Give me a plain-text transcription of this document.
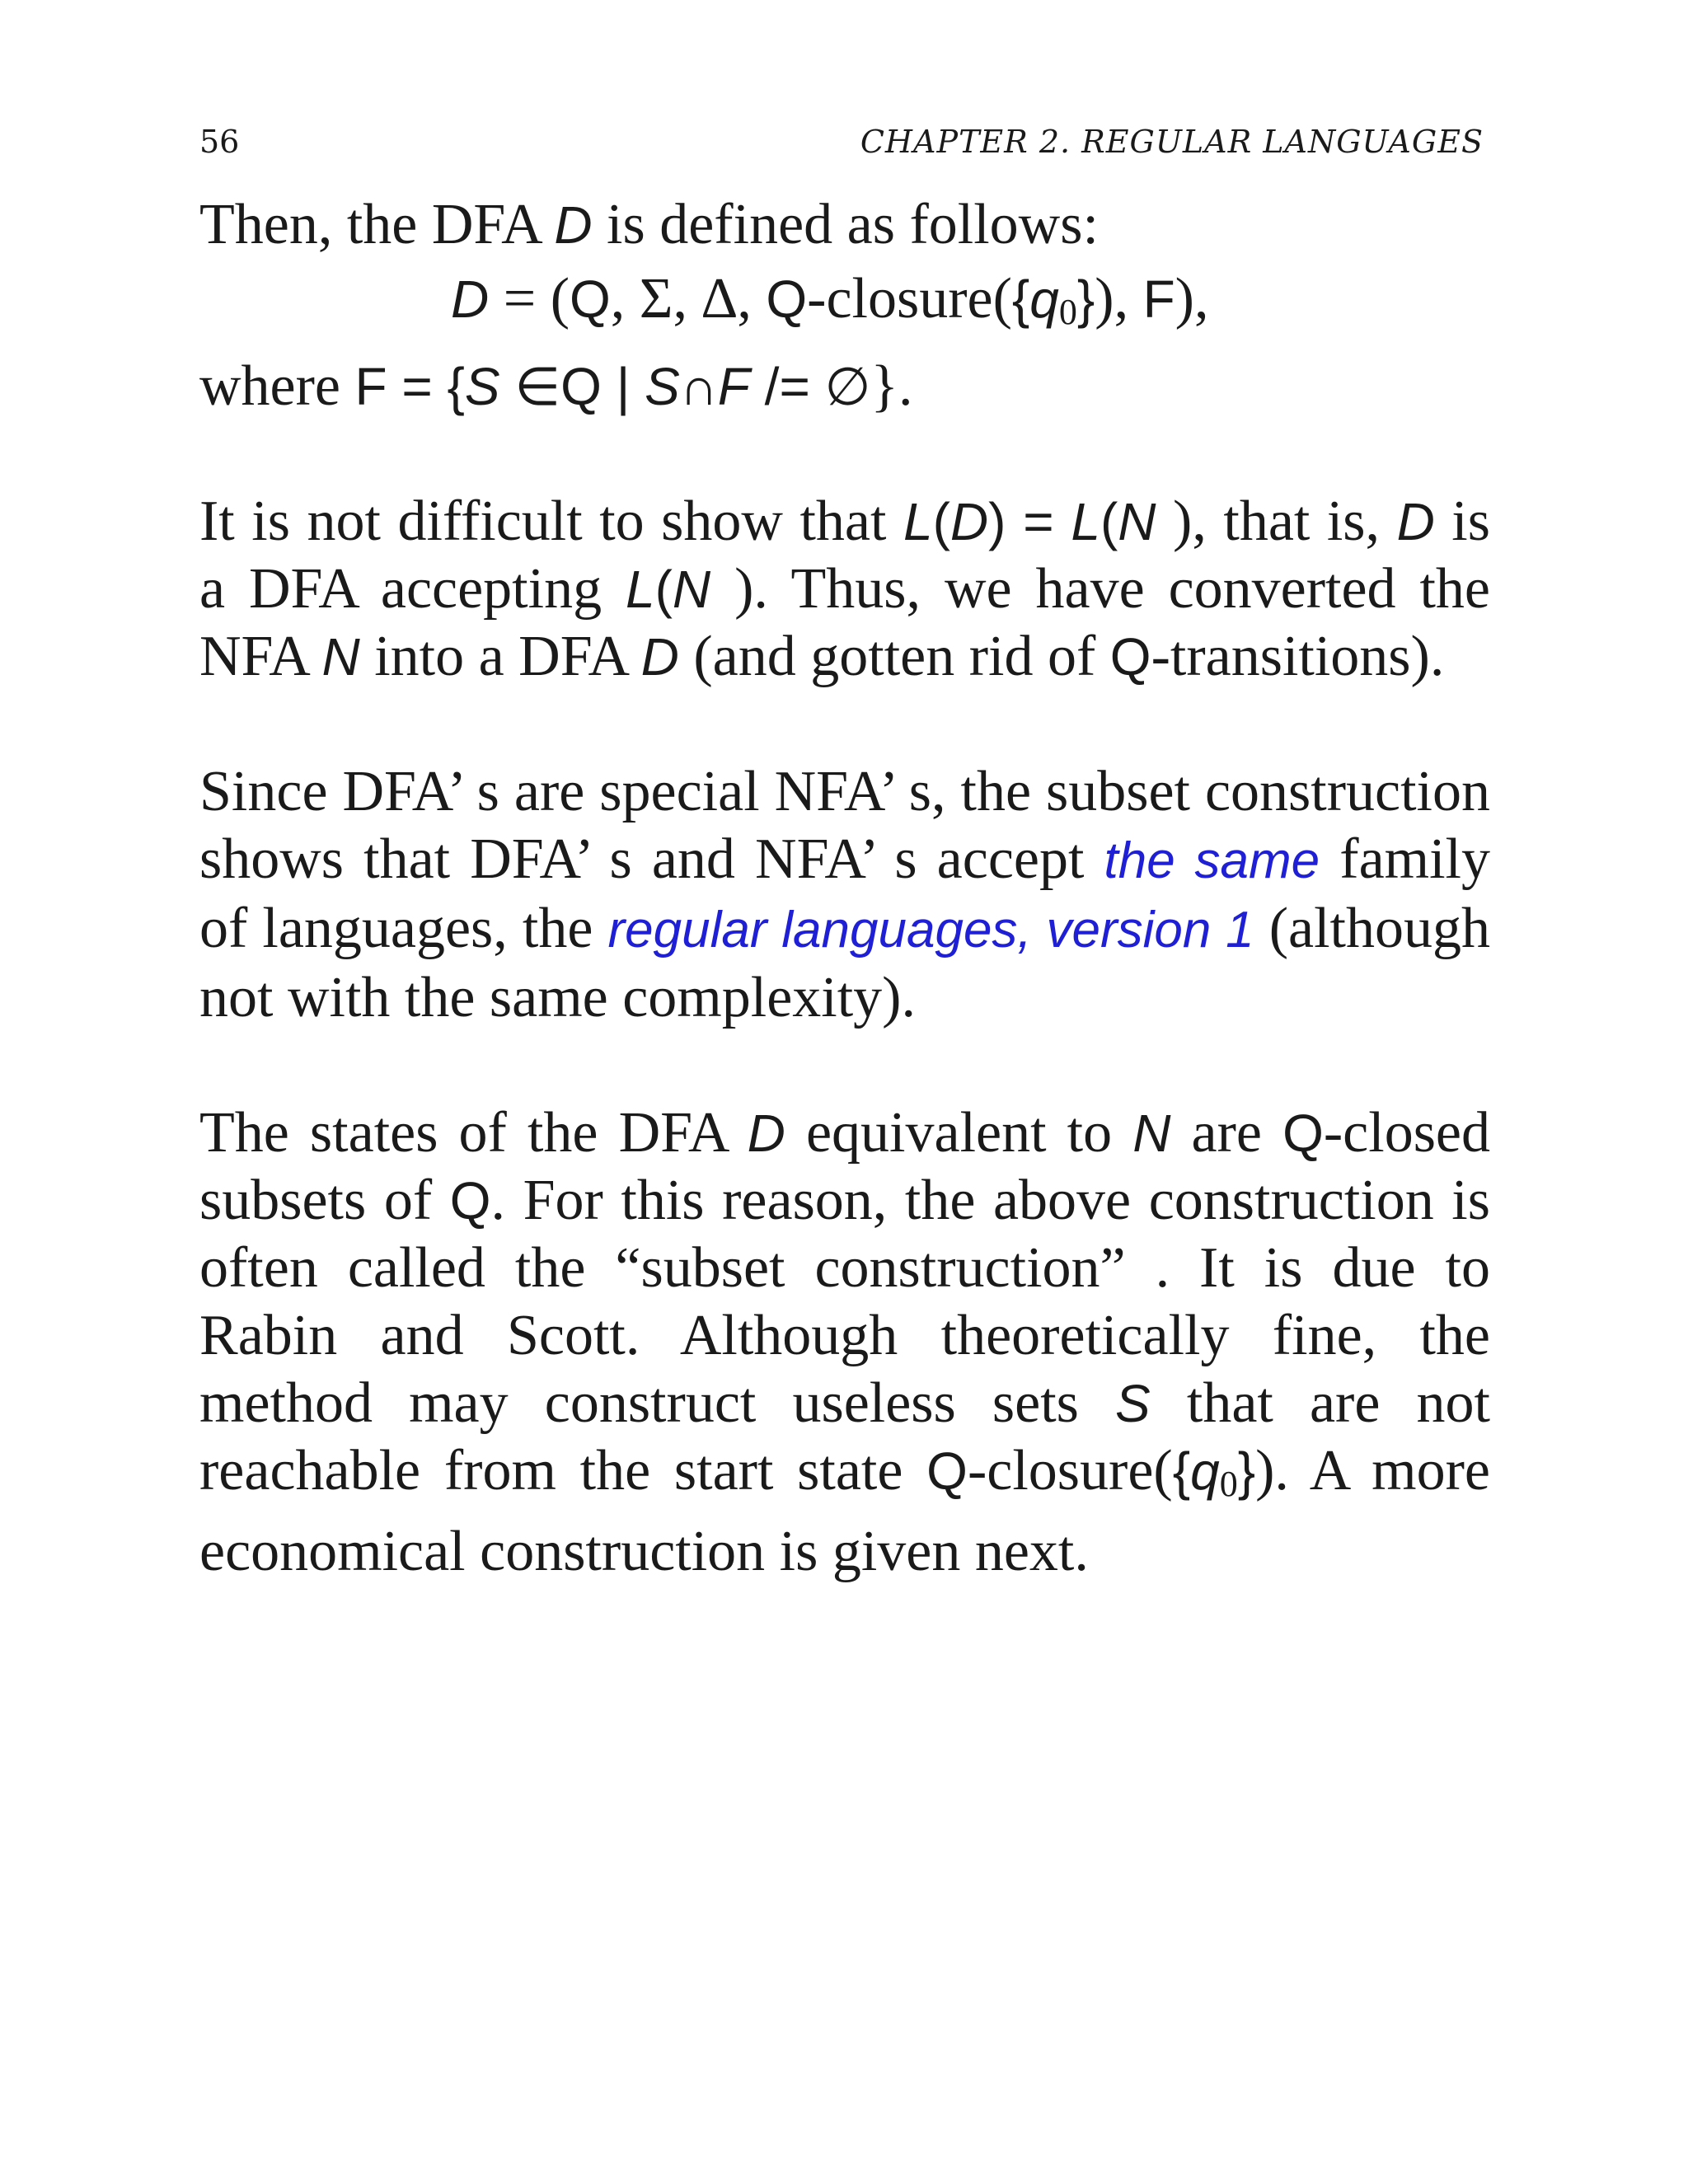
56	CHAPTER 2. REGULAR LANGUAGES

Then, the DFA D is defined as follows:

D = (Q, Σ, ∆, $Q-closure(\{q_0\})$, F),

where F = {S ∈Q | S∩F /= ∅}.

It is not difficult to show that L(D) = L(N ), that is, D is a DFA accepting L(N ). Thus, we have converted the NFA N into a DFA D (and gotten rid of Q-transitions).

Since DFA’ s are special NFA’ s, the subset construction shows that DFA’ s and NFA’ s accept the same family of languages, the regular languages, version 1 (although not with the same complexity).

The states of the DFA D equivalent to N are Q-closed subsets of Q. For this reason, the above construction is often called the “subset construction” . It is due to Rabin and Scott. Although theoretically fine, the method may construct useless sets S that are not reachable from the start state $Q-closure(\{q_0\})$. A more economical construction is given next.
